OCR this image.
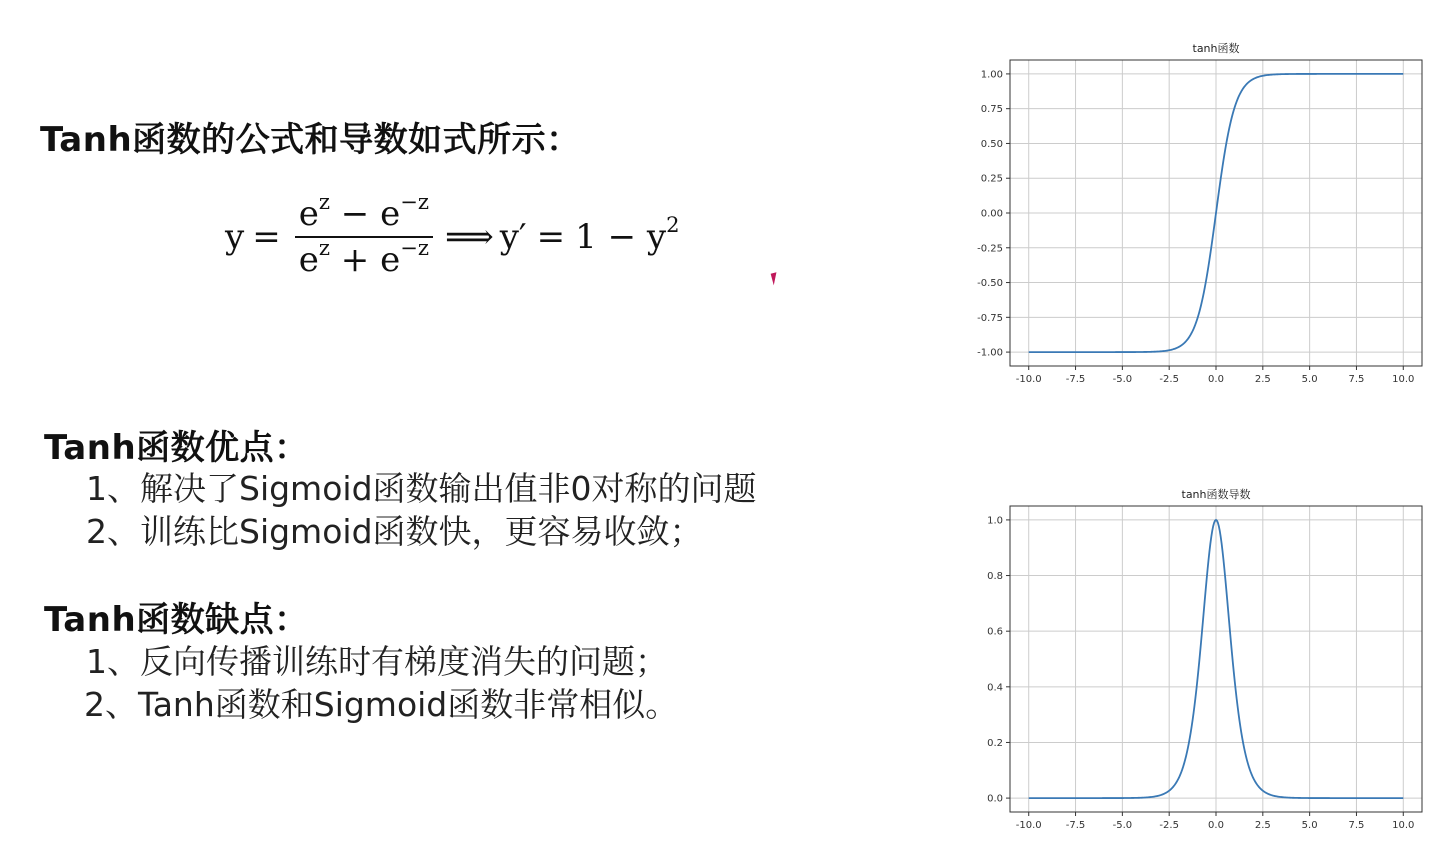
Tanh函数的公式和导数如式所示：
$y = \frac{e^z - e^{-z}}{e^z + e^{-z}}$ ⟹ $y' = 1 - y^2$
Tanh函数优点：
1、解决了Sigmoid函数输出值非0对称的问题
2、训练比Sigmoid函数快，更容易收敛；
Tanh函数缺点：
1、反向传播训练时有梯度消失的问题；
2、Tanh函数和Sigmoid函数非常相似。
tanh函数
-10.0 -7.5	-5.0	-2.5	0.0	2.5	5.0	7.5	10.0
-1.00
-0.75
-0.50
-0.25
0.00
0.25
0.50
0.75
1.00
tanh函数导数
-10.0 -7.5	-5.0	-2.5	0.0	2.5	5.0	7.5	10.0
0.0
0.2
0.4
0.6
0.8
1.0
